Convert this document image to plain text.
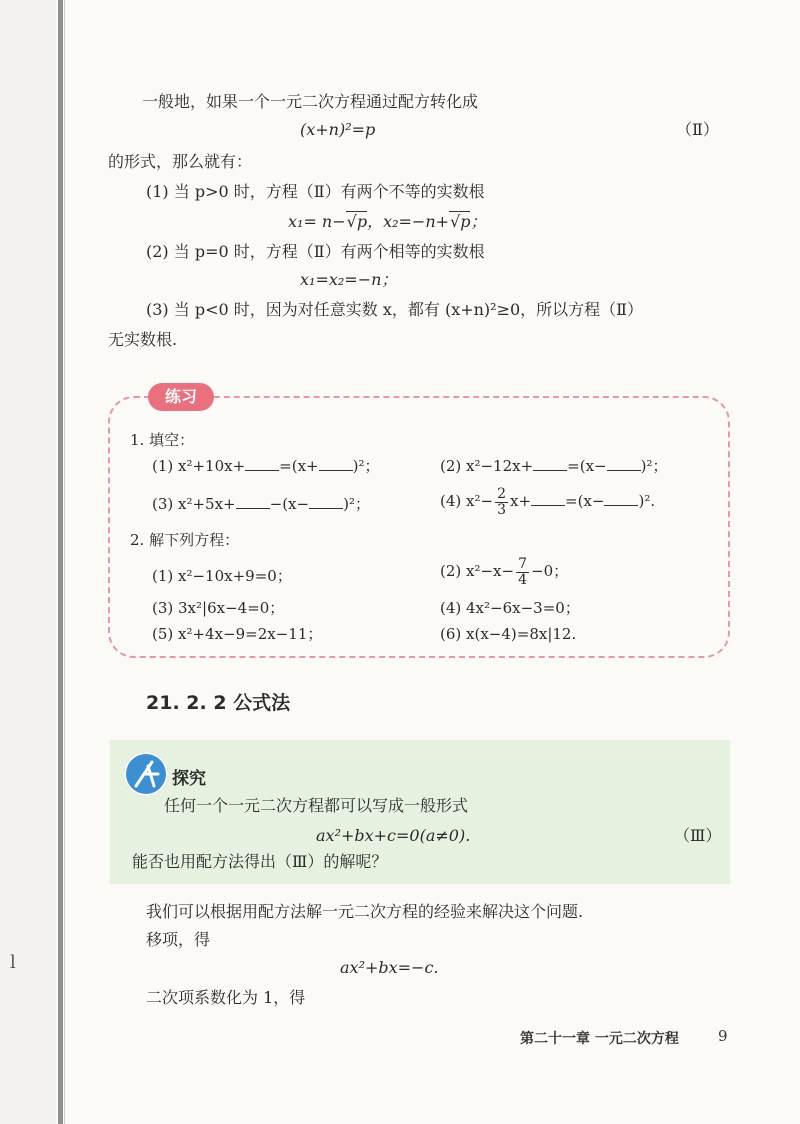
l
一般地，如果一个一元二次方程通过配方转化成
(x+n)²=p	（Ⅱ）
的形式，那么就有：
(1) 当 p>0 时，方程（Ⅱ）有两个不等的实数根
x₁= n−√p，x₂=−n+√p；
(2) 当 p=0 时，方程（Ⅱ）有两个相等的实数根
x₁=x₂=−n；
(3) 当 p<0 时，因为对任意实数 x，都有 (x+n)²≥0，所以方程（Ⅱ）
无实数根.
练习
1. 填空：
(1) x²+10x+ =(x+ )²；	(2) x²−12x+ =(x− )²；
(3) x²+5x+ −(x− )²；	(4) $x^2- \frac{2}{3} x+ =(x- )^2$.
2. 解下列方程：
(1) x²−10x+9=0；	(2) $x^2-x- \frac{7}{4} -0$；
(3) 3x²|6x−4=0；	(4) 4x²−6x−3=0；
(5) x²+4x−9=2x−11；	(6) x(x−4)=8x|12.
21. 2. 2 公式法
探究
任何一个一元二次方程都可以写成一般形式
ax²+bx+c=0(a≠0).	（Ⅲ）
能否也用配方法得出（Ⅲ）的解呢？
我们可以根据用配方法解一元二次方程的经验来解决这个问题.
移项，得
ax²+bx=−c.
二次项系数化为 1，得
第二十一章 一元二次方程	9
